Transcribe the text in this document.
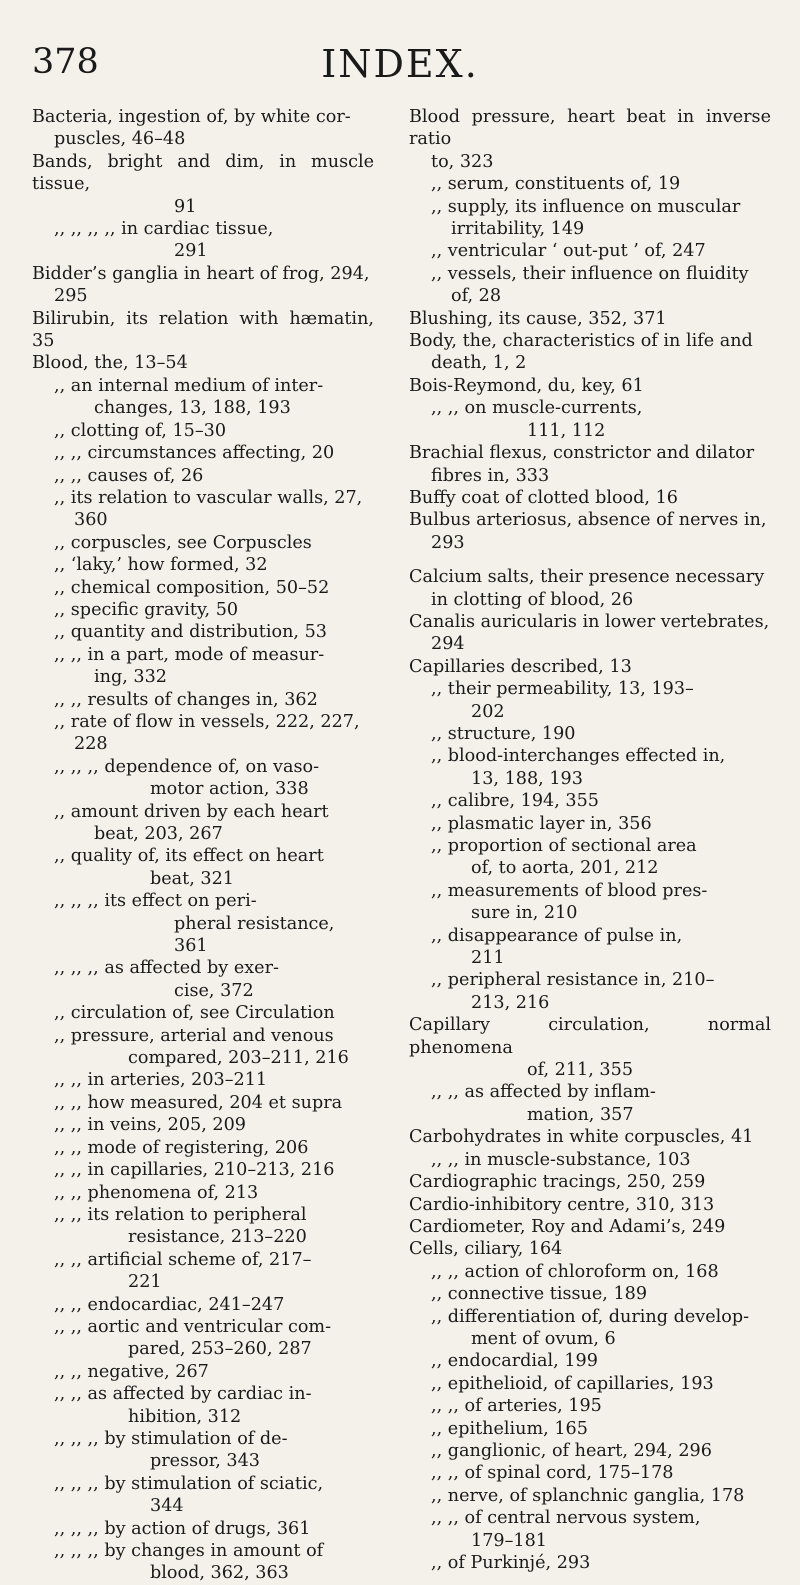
378	INDEX.
Bacteria, ingestion of, by white cor-
puscles, 46–48
Bands, bright and dim, in muscle tissue,
91
,, ,, ,, ,, in cardiac tissue,
291
Bidder’s ganglia in heart of frog, 294,
295
Bilirubin, its relation with hæmatin, 35
Blood, the, 13–54
,, an internal medium of inter-
changes, 13, 188, 193
,, clotting of, 15–30
,, ,, circumstances affecting, 20
,, ,, causes of, 26
,, its relation to vascular walls, 27,
360
,, corpuscles, see Corpuscles
,, ‘laky,’ how formed, 32
,, chemical composition, 50–52
,, specific gravity, 50
,, quantity and distribution, 53
,, ,, in a part, mode of measur-
ing, 332
,, ,, results of changes in, 362
,, rate of flow in vessels, 222, 227,
228
,, ,, ,, dependence of, on vaso-
motor action, 338
,, amount driven by each heart
beat, 203, 267
,, quality of, its effect on heart
beat, 321
,, ,, ,, its effect on peri-
pheral resistance,
361
,, ,, ,, as affected by exer-
cise, 372
,, circulation of, see Circulation
,, pressure, arterial and venous
compared, 203–211, 216
,, ,, in arteries, 203–211
,, ,, how measured, 204 et supra
,, ,, in veins, 205, 209
,, ,, mode of registering, 206
,, ,, in capillaries, 210–213, 216
,, ,, phenomena of, 213
,, ,, its relation to peripheral
resistance, 213–220
,, ,, artificial scheme of, 217–
221
,, ,, endocardiac, 241–247
,, ,, aortic and ventricular com-
pared, 253–260, 287
,, ,, negative, 267
,, ,, as affected by cardiac in-
hibition, 312
,, ,, ,, by stimulation of de-
pressor, 343
,, ,, ,, by stimulation of sciatic,
344
,, ,, ,, by action of drugs, 361
,, ,, ,, by changes in amount of
blood, 362, 363
Blood pressure, heart beat in inverse ratio
to, 323
,, serum, constituents of, 19
,, supply, its influence on muscular
irritability, 149
,, ventricular ‘ out-put ’ of, 247
,, vessels, their influence on fluidity
of, 28
Blushing, its cause, 352, 371
Body, the, characteristics of in life and
death, 1, 2
Bois-Reymond, du, key, 61
,, ,, on muscle-currents,
111, 112
Brachial flexus, constrictor and dilator
fibres in, 333
Buffy coat of clotted blood, 16
Bulbus arteriosus, absence of nerves in,
293
Calcium salts, their presence necessary
in clotting of blood, 26
Canalis auricularis in lower vertebrates,
294
Capillaries described, 13
,, their permeability, 13, 193–
202
,, structure, 190
,, blood-interchanges effected in,
13, 188, 193
,, calibre, 194, 355
,, plasmatic layer in, 356
,, proportion of sectional area
of, to aorta, 201, 212
,, measurements of blood pres-
sure in, 210
,, disappearance of pulse in,
211
,, peripheral resistance in, 210–
213, 216
Capillary circulation, normal phenomena
of, 211, 355
,, ,, as affected by inflam-
mation, 357
Carbohydrates in white corpuscles, 41
,, ,, in muscle-substance, 103
Cardiographic tracings, 250, 259
Cardio-inhibitory centre, 310, 313
Cardiometer, Roy and Adami’s, 249
Cells, ciliary, 164
,, ,, action of chloroform on, 168
,, connective tissue, 189
,, differentiation of, during develop-
ment of ovum, 6
,, endocardial, 199
,, epithelioid, of capillaries, 193
,, ,, of arteries, 195
,, epithelium, 165
,, ganglionic, of heart, 294, 296
,, ,, of spinal cord, 175–178
,, nerve, of splanchnic ganglia, 178
,, ,, of central nervous system,
179–181
,, of Purkinjé, 293
